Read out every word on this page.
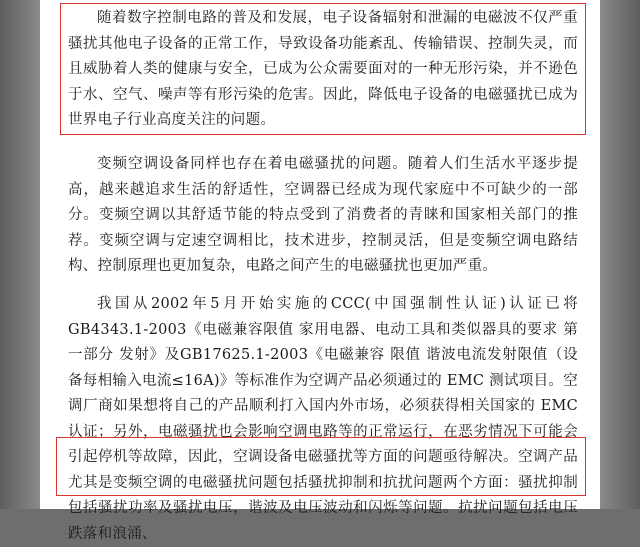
随着数字控制电路的普及和发展，电子设备辐射和泄漏的电磁波不仅严重骚扰其他电子设备的正常工作，导致设备功能紊乱、传输错误、控制失灵，而且威胁着人类的健康与安全，已成为公众需要面对的一种无形污染，并不逊色于水、空气、噪声等有形污染的危害。因此，降低电子设备的电磁骚扰已成为世界电子行业高度关注的问题。

变频空调设备同样也存在着电磁骚扰的问题。随着人们生活水平逐步提高，越来越追求生活的舒适性，空调器已经成为现代家庭中不可缺少的一部分。变频空调以其舒适节能的特点受到了消费者的青睐和国家相关部门的推荐。变频空调与定速空调相比，技术进步，控制灵活，但是变频空调电路结构、控制原理也更加复杂，电路之间产生的电磁骚扰也更加严重。

我国从2002年5月开始实施的CCC(中国强制性认证)认证已将GB4343.1-2003《电磁兼容限值 家用电器、电动工具和类似器具的要求 第一部分 发射》及GB17625.1-2003《电磁兼容 限值 谐波电流发射限值（设备每相输入电流≤16A)》等标准作为空调产品必须通过的 EMC 测试项目。空调厂商如果想将自己的产品顺利打入国内外市场，必须获得相关国家的 EMC 认证；另外，电磁骚扰也会影响空调电路等的正常运行，在恶劣情况下可能会引起停机等故障，因此，空调设备电磁骚扰等方面的问题亟待解决。空调产品尤其是变频空调的电磁骚扰问题包括骚扰抑制和抗扰问题两个方面：骚扰抑制包括骚扰功率及骚扰电压，谐波及电压波动和闪烁等问题。抗扰问题包括电压跌落和浪涌、
